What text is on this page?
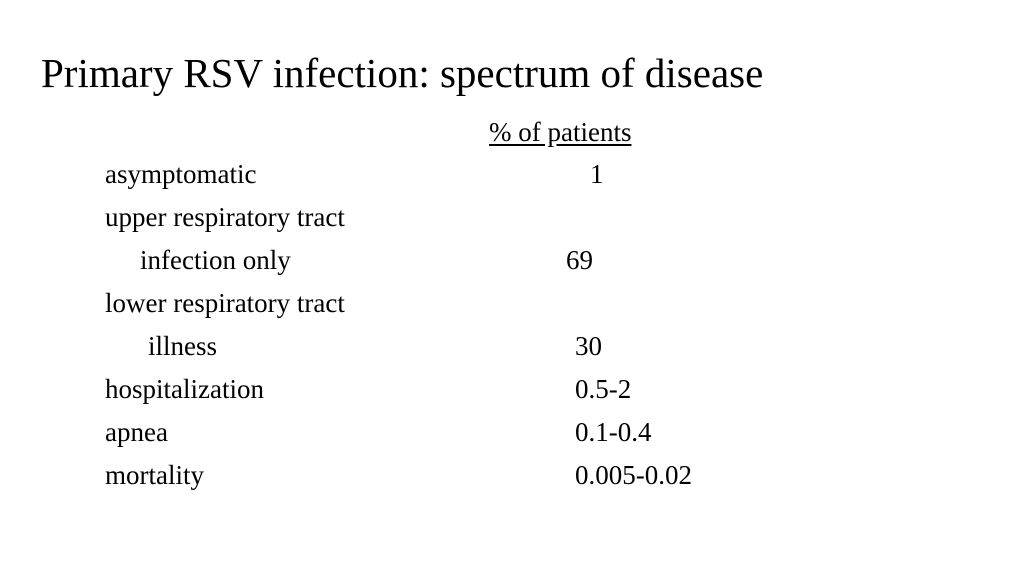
Primary RSV infection: spectrum of disease
% of patients
asymptomatic	1
upper respiratory tract
infection only	69
lower respiratory tract
illness	30
hospitalization	0.5-2
apnea	0.1-0.4
mortality	0.005-0.02
